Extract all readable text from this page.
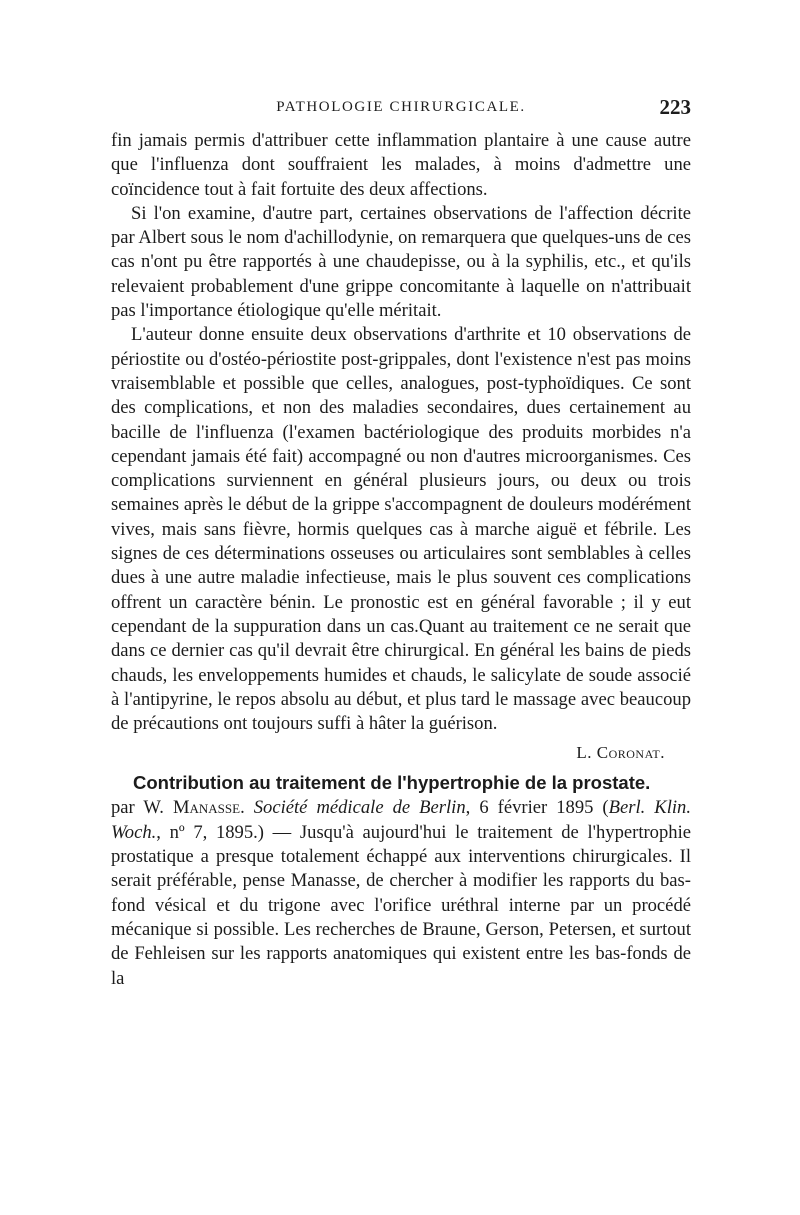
PATHOLOGIE CHIRURGICALE.	223

fin jamais permis d'attribuer cette inflammation plantaire à une cause autre que l'influenza dont souffraient les malades, à moins d'admettre une coïncidence tout à fait fortuite des deux affections.

Si l'on examine, d'autre part, certaines observations de l'affection décrite par Albert sous le nom d'achillodynie, on remarquera que quelques-uns de ces cas n'ont pu être rapportés à une chaudepisse, ou à la syphilis, etc., et qu'ils relevaient probablement d'une grippe concomitante à laquelle on n'attribuait pas l'importance étiologique qu'elle méritait.

L'auteur donne ensuite deux observations d'arthrite et 10 observations de périostite ou d'ostéo-périostite post-grippales, dont l'existence n'est pas moins vraisemblable et possible que celles, analogues, post-typhoïdiques. Ce sont des complications, et non des maladies secondaires, dues certainement au bacille de l'influenza (l'examen bactériologique des produits morbides n'a cependant jamais été fait) accompagné ou non d'autres microorganismes. Ces complications surviennent en général plusieurs jours, ou deux ou trois semaines après le début de la grippe s'accompagnent de douleurs modérément vives, mais sans fièvre, hormis quelques cas à marche aiguë et fébrile. Les signes de ces déterminations osseuses ou articulaires sont semblables à celles dues à une autre maladie infectieuse, mais le plus souvent ces complications offrent un caractère bénin. Le pronostic est en général favorable ; il y eut cependant de la suppuration dans un cas.Quant au traitement ce ne serait que dans ce dernier cas qu'il devrait être chirurgical. En général les bains de pieds chauds, les enveloppements humides et chauds, le salicylate de soude associé à l'antipyrine, le repos absolu au début, et plus tard le massage avec beaucoup de précautions ont toujours suffi à hâter la guérison.

L. Coronat.
Contribution au traitement de l'hypertrophie de la prostate.

par W. Manasse. Société médicale de Berlin, 6 février 1895 (Berl. Klin. Woch., nº 7, 1895.) — Jusqu'à aujourd'hui le traitement de l'hypertrophie prostatique a presque totalement échappé aux interventions chirurgicales. Il serait préférable, pense Manasse, de chercher à modifier les rapports du bas-fond vésical et du trigone avec l'orifice uréthral interne par un procédé mécanique si possible. Les recherches de Braune, Gerson, Petersen, et surtout de Fehleisen sur les rapports anatomiques qui existent entre les bas-fonds de la
